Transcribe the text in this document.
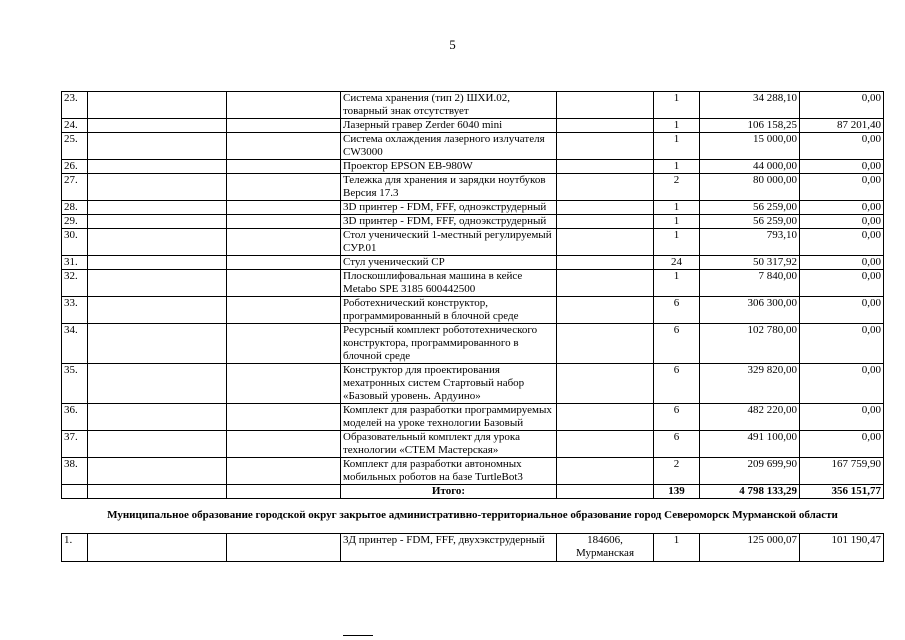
5
23.			Система хранения (тип 2) ШХИ.02, товарный знак отсутствует		1	34 288,10	0,00
24.			Лазерный гравер Zerder 6040 mini		1	106 158,25	87 201,40
25.			Система охлаждения лазерного излучателя CW3000		1	15 000,00	0,00
26.			Проектор EPSON EB-980W		1	44 000,00	0,00
27.			Тележка для хранения и зарядки ноутбуков Версия 17.3		2	80 000,00	0,00
28.			3D принтер - FDM, FFF, одноэкструдерный		1	56 259,00	0,00
29.			3D принтер - FDM, FFF, одноэкструдерный		1	56 259,00	0,00
30.			Стол ученический 1-местный регулируемый СУР.01		1	793,10	0,00
31.			Стул ученический СР		24	50 317,92	0,00
32.			Плоскошлифовальная машина в кейсе Metabo SPE 3185 600442500		1	7 840,00	0,00
33.			Роботехнический конструктор, программированный в блочной среде		6	306 300,00	0,00
34.			Ресурсный комплект робототехнического конструктора, программированного в блочной среде		6	102 780,00	0,00
35.			Конструктор для проектирования мехатронных систем Стартовый набор «Базовый уровень. Ардуино»		6	329 820,00	0,00
36.			Комплект для разработки программируемых моделей на уроке технологии Базовый		6	482 220,00	0,00
37.			Образовательный комплект для урока технологии «СТЕМ Мастерская»		6	491 100,00	0,00
38.			Комплект для разработки автономных мобильных роботов на базе TurtleBot3		2	209 699,90	167 759,90
			Итого:		139	4 798 133,29	356 151,77
Муниципальное образование городской округ закрытое административно-территориальное образование город Североморск Мурманской области							
1.			3Д принтер - FDM, FFF, двухэкструдерный	184606, Мурманская	1	125 000,07	101 190,47
